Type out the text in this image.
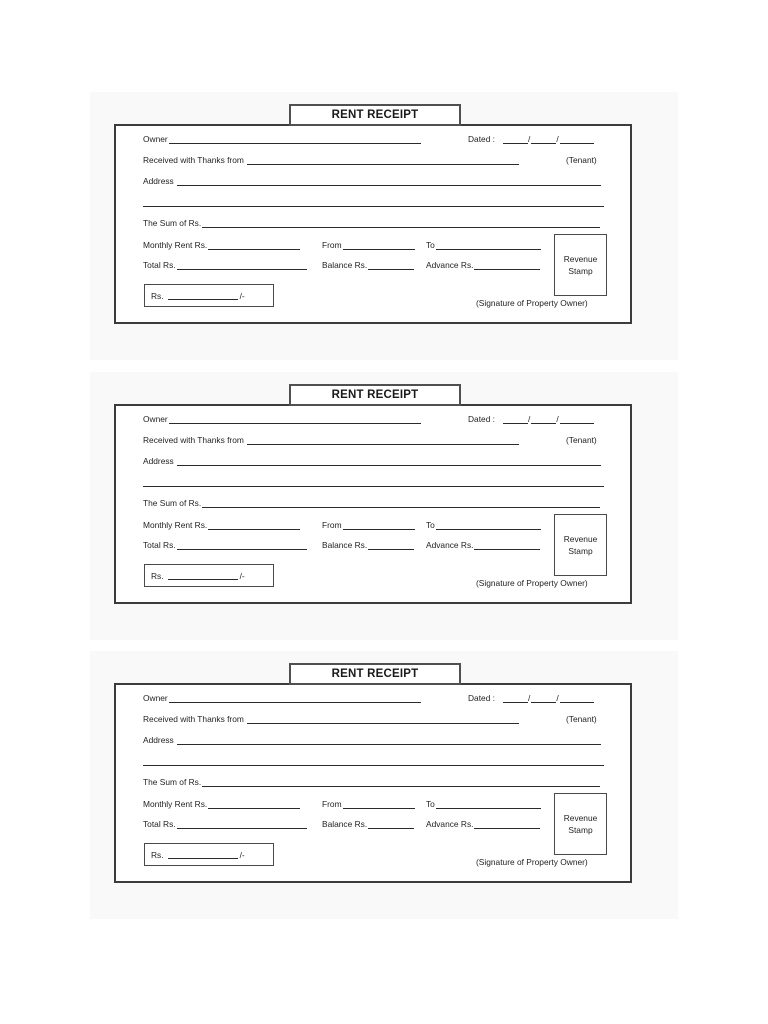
RENT RECEIPT
Owner	Dated :	/	/
Received with Thanks from	(Tenant)
Address
The Sum of Rs.
Monthly Rent Rs.	From	To
Total Rs.	Balance Rs.	Advance Rs.
Revenue
Stamp
Rs.	/-
(Signature of Property Owner)
RENT RECEIPT
Owner	Dated :	/	/
Received with Thanks from	(Tenant)
Address
The Sum of Rs.
Monthly Rent Rs.	From	To
Total Rs.	Balance Rs.	Advance Rs.
Revenue
Stamp
Rs.	/-
(Signature of Property Owner)
RENT RECEIPT
Owner	Dated :	/	/
Received with Thanks from	(Tenant)
Address
The Sum of Rs.
Monthly Rent Rs.	From	To
Total Rs.	Balance Rs.	Advance Rs.
Revenue
Stamp
Rs.	/-
(Signature of Property Owner)
